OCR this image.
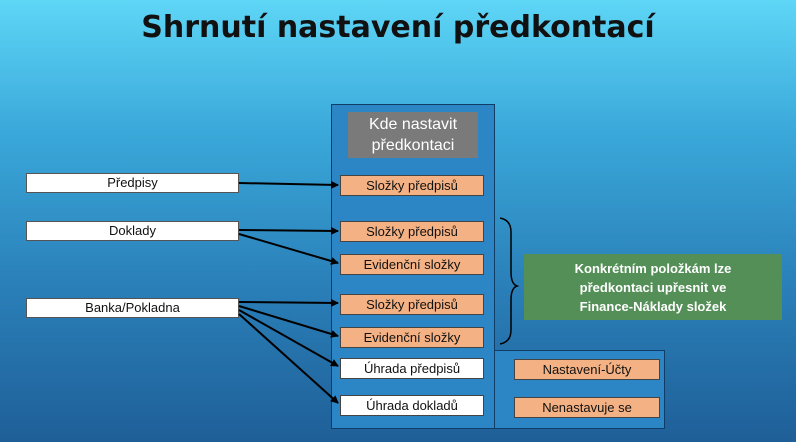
Shrnutí nastavení předkontací
Kde nastavit
předkontaci
Předpisy
Doklady
Banka/Pokladna
Složky předpisů
Složky předpisů
Evidenční složky
Složky předpisů
Evidenční složky
Úhrada předpisů
Úhrada dokladů
Nastavení-Účty
Nenastavuje se
Konkrétním položkám lze
předkontaci upřesnit ve
Finance-Náklady složek
